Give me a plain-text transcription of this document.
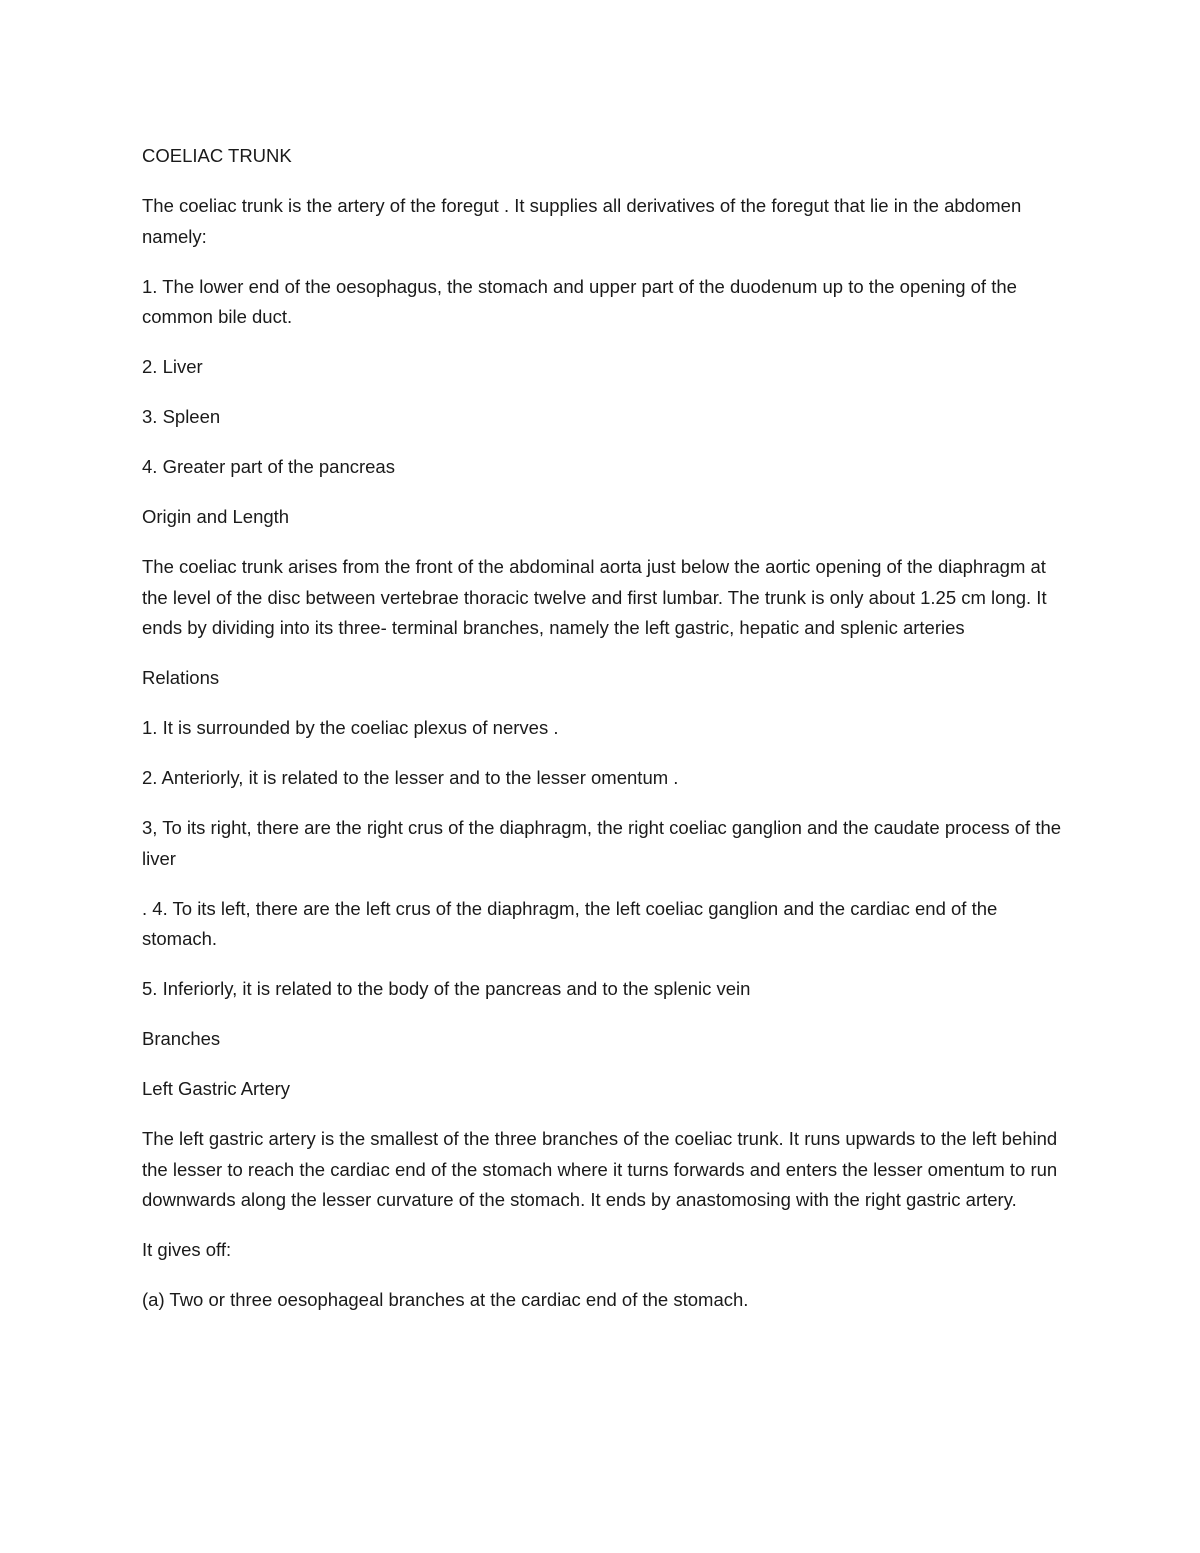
COELIAC TRUNK

The coeliac trunk is the artery of the foregut . It supplies all derivatives of the foregut that lie in the abdomen namely:

1. The lower end of the oesophagus, the stomach and upper part of the duodenum up to the opening of the common bile duct.

2. Liver

3. Spleen

4. Greater part of the pancreas

Origin and Length

The coeliac trunk arises from the front of the abdominal aorta just below the aortic opening of the diaphragm at the level of the disc between vertebrae thoracic twelve and first lumbar. The trunk is only about 1.25 cm long. It ends by dividing into its three- terminal branches, namely the left gastric, hepatic and splenic arteries

Relations

1. It is surrounded by the coeliac plexus of nerves .

2. Anteriorly, it is related to the lesser and to the lesser omentum .

3, To its right, there are the right crus of the diaphragm, the right coeliac ganglion and the caudate process of the liver

. 4. To its left, there are the left crus of the diaphragm, the left coeliac ganglion and the cardiac end of the stomach.

5. Inferiorly, it is related to the body of the pancreas and to the splenic vein

Branches

Left Gastric Artery

The left gastric artery is the smallest of the three branches of the coeliac trunk. It runs upwards to the left behind the lesser to reach the cardiac end of the stomach where it turns forwards and enters the lesser omentum to run downwards along the lesser curvature of the stomach. It ends by anastomosing with the right gastric artery.

It gives off:

(a) Two or three oesophageal branches at the cardiac end of the stomach.
